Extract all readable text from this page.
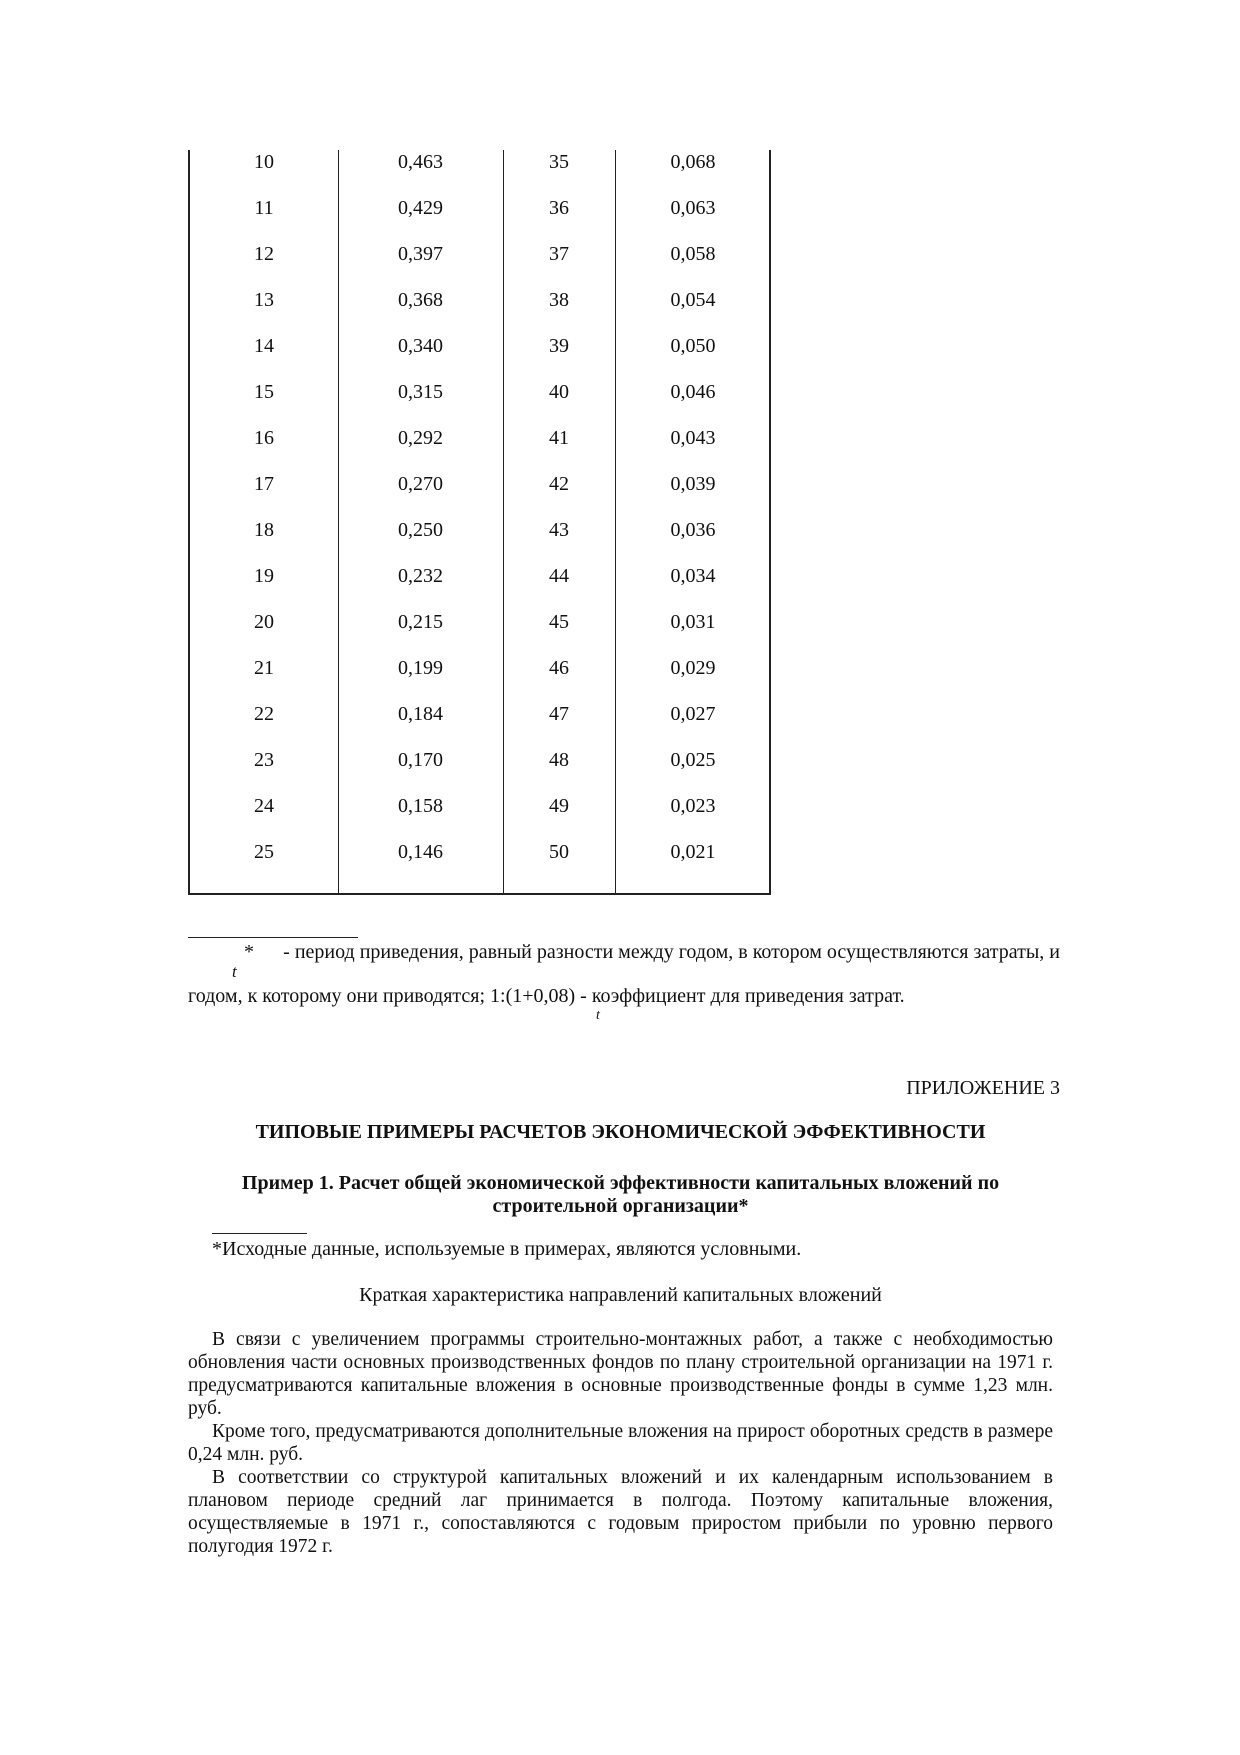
10	0,463	35	0,068
11	0,429	36	0,063
12	0,397	37	0,058
13	0,368	38	0,054
14	0,340	39	0,050
15	0,315	40	0,046
16	0,292	41	0,043
17	0,270	42	0,039
18	0,250	43	0,036
19	0,232	44	0,034
20	0,215	45	0,031
21	0,199	46	0,029
22	0,184	47	0,027
23	0,170	48	0,025
24	0,158	49	0,023
25	0,146	50	0,021
*
t
- период приведения, равный разности между годом, в котором осуществляются затраты, и
годом, к которому они приводятся; 1:(1+0,08) - коэффициент для приведения затрат.
t
ПРИЛОЖЕНИЕ 3
ТИПОВЫЕ ПРИМЕРЫ РАСЧЕТОВ ЭКОНОМИЧЕСКОЙ ЭФФЕКТИВНОСТИ
Пример 1. Расчет общей экономической эффективности капитальных вложений по
строительной организации*
*Исходные данные, используемые в примерах, являются условными.
Краткая характеристика направлений капитальных вложений

В связи с увеличением программы строительно-монтажных работ, а также с необходимостью обновления части основных производственных фондов по плану строительной организации на 1971 г. предусматриваются капитальные вложения в основные производственные фонды в сумме 1,23 млн. руб.

Кроме того, предусматриваются дополнительные вложения на прирост оборотных средств в размере 0,24 млн. руб.

В соответствии со структурой капитальных вложений и их календарным использованием в плановом периоде средний лаг принимается в полгода. Поэтому капитальные вложения, осуществляемые в 1971 г., сопоставляются с годовым приростом прибыли по уровню первого полугодия 1972 г.
